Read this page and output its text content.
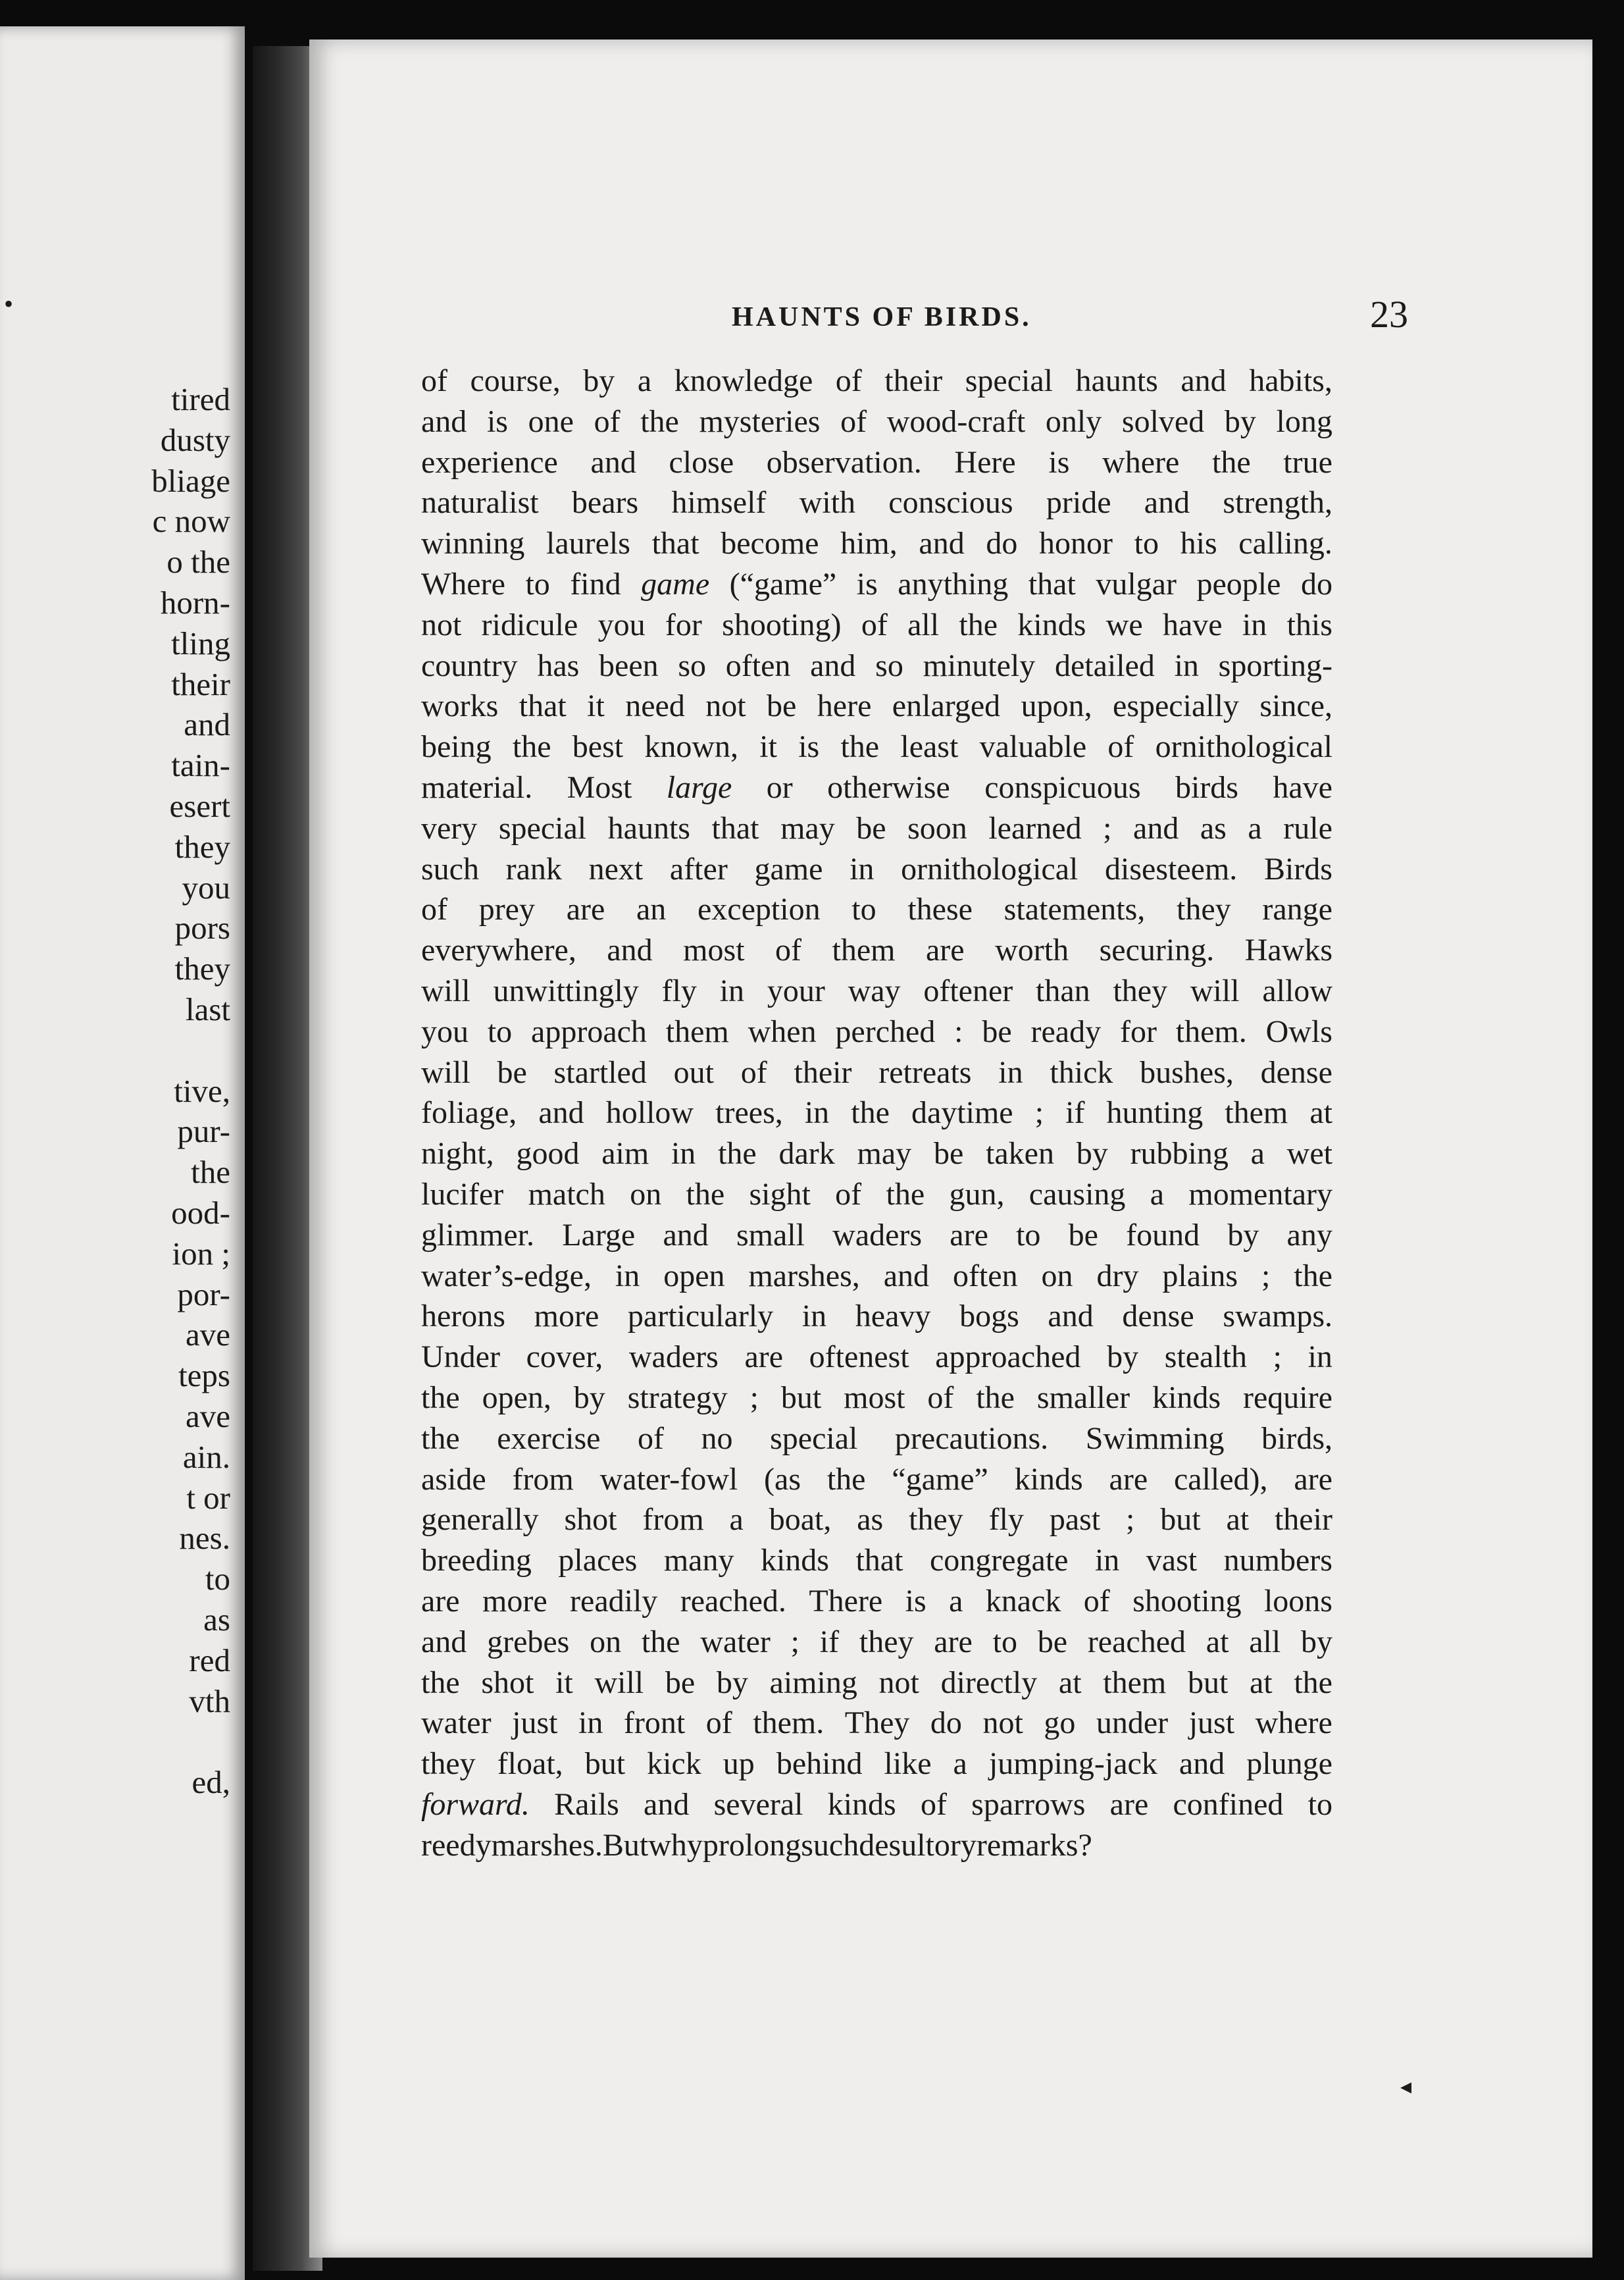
tired
dusty
bliage
c now
o the
horn-
tling
their
and
tain-
esert
they
you
pors
they
last
tive,
pur-
the
ood-
ion ;
por-
ave
teps
ave
ain.
t or
nes.
to
as
red
vth
ed,
•	HAUNTS OF BIRDS.	23
of course, by a knowledge of their special haunts and habits,
and is one of the mysteries of wood-craft only solved by long
experience and close observation. Here is where the true
naturalist bears himself with conscious pride and strength,
winning laurels that become him, and do honor to his calling.
Where to find game (“game” is anything that vulgar people do
not ridicule you for shooting) of all the kinds we have in this
country has been so often and so minutely detailed in sporting-
works that it need not be here enlarged upon, especially since,
being the best known, it is the least valuable of ornithological
material. Most large or otherwise conspicuous birds have
very special haunts that may be soon learned ; and as a rule
such rank next after game in ornithological disesteem. Birds
of prey are an exception to these statements, they range
everywhere, and most of them are worth securing. Hawks
will unwittingly fly in your way oftener than they will allow
you to approach them when perched : be ready for them. Owls
will be startled out of their retreats in thick bushes, dense
foliage, and hollow trees, in the daytime ; if hunting them at
night, good aim in the dark may be taken by rubbing a wet
lucifer match on the sight of the gun, causing a momentary
glimmer. Large and small waders are to be found by any
water’s-edge, in open marshes, and often on dry plains ; the
herons more particularly in heavy bogs and dense swamps.
Under cover, waders are oftenest approached by stealth ; in
the open, by strategy ; but most of the smaller kinds require
the exercise of no special precautions. Swimming birds,
aside from water-fowl (as the “game” kinds are called), are
generally shot from a boat, as they fly past ; but at their
breeding places many kinds that congregate in vast numbers
are more readily reached. There is a knack of shooting loons
and grebes on the water ; if they are to be reached at all by
the shot it will be by aiming not directly at them but at the
water just in front of them. They do not go under just where
they float, but kick up behind like a jumping-jack and plunge
forward. Rails and several kinds of sparrows are confined to
reedy marshes. But why prolong such desultory remarks?
◂
